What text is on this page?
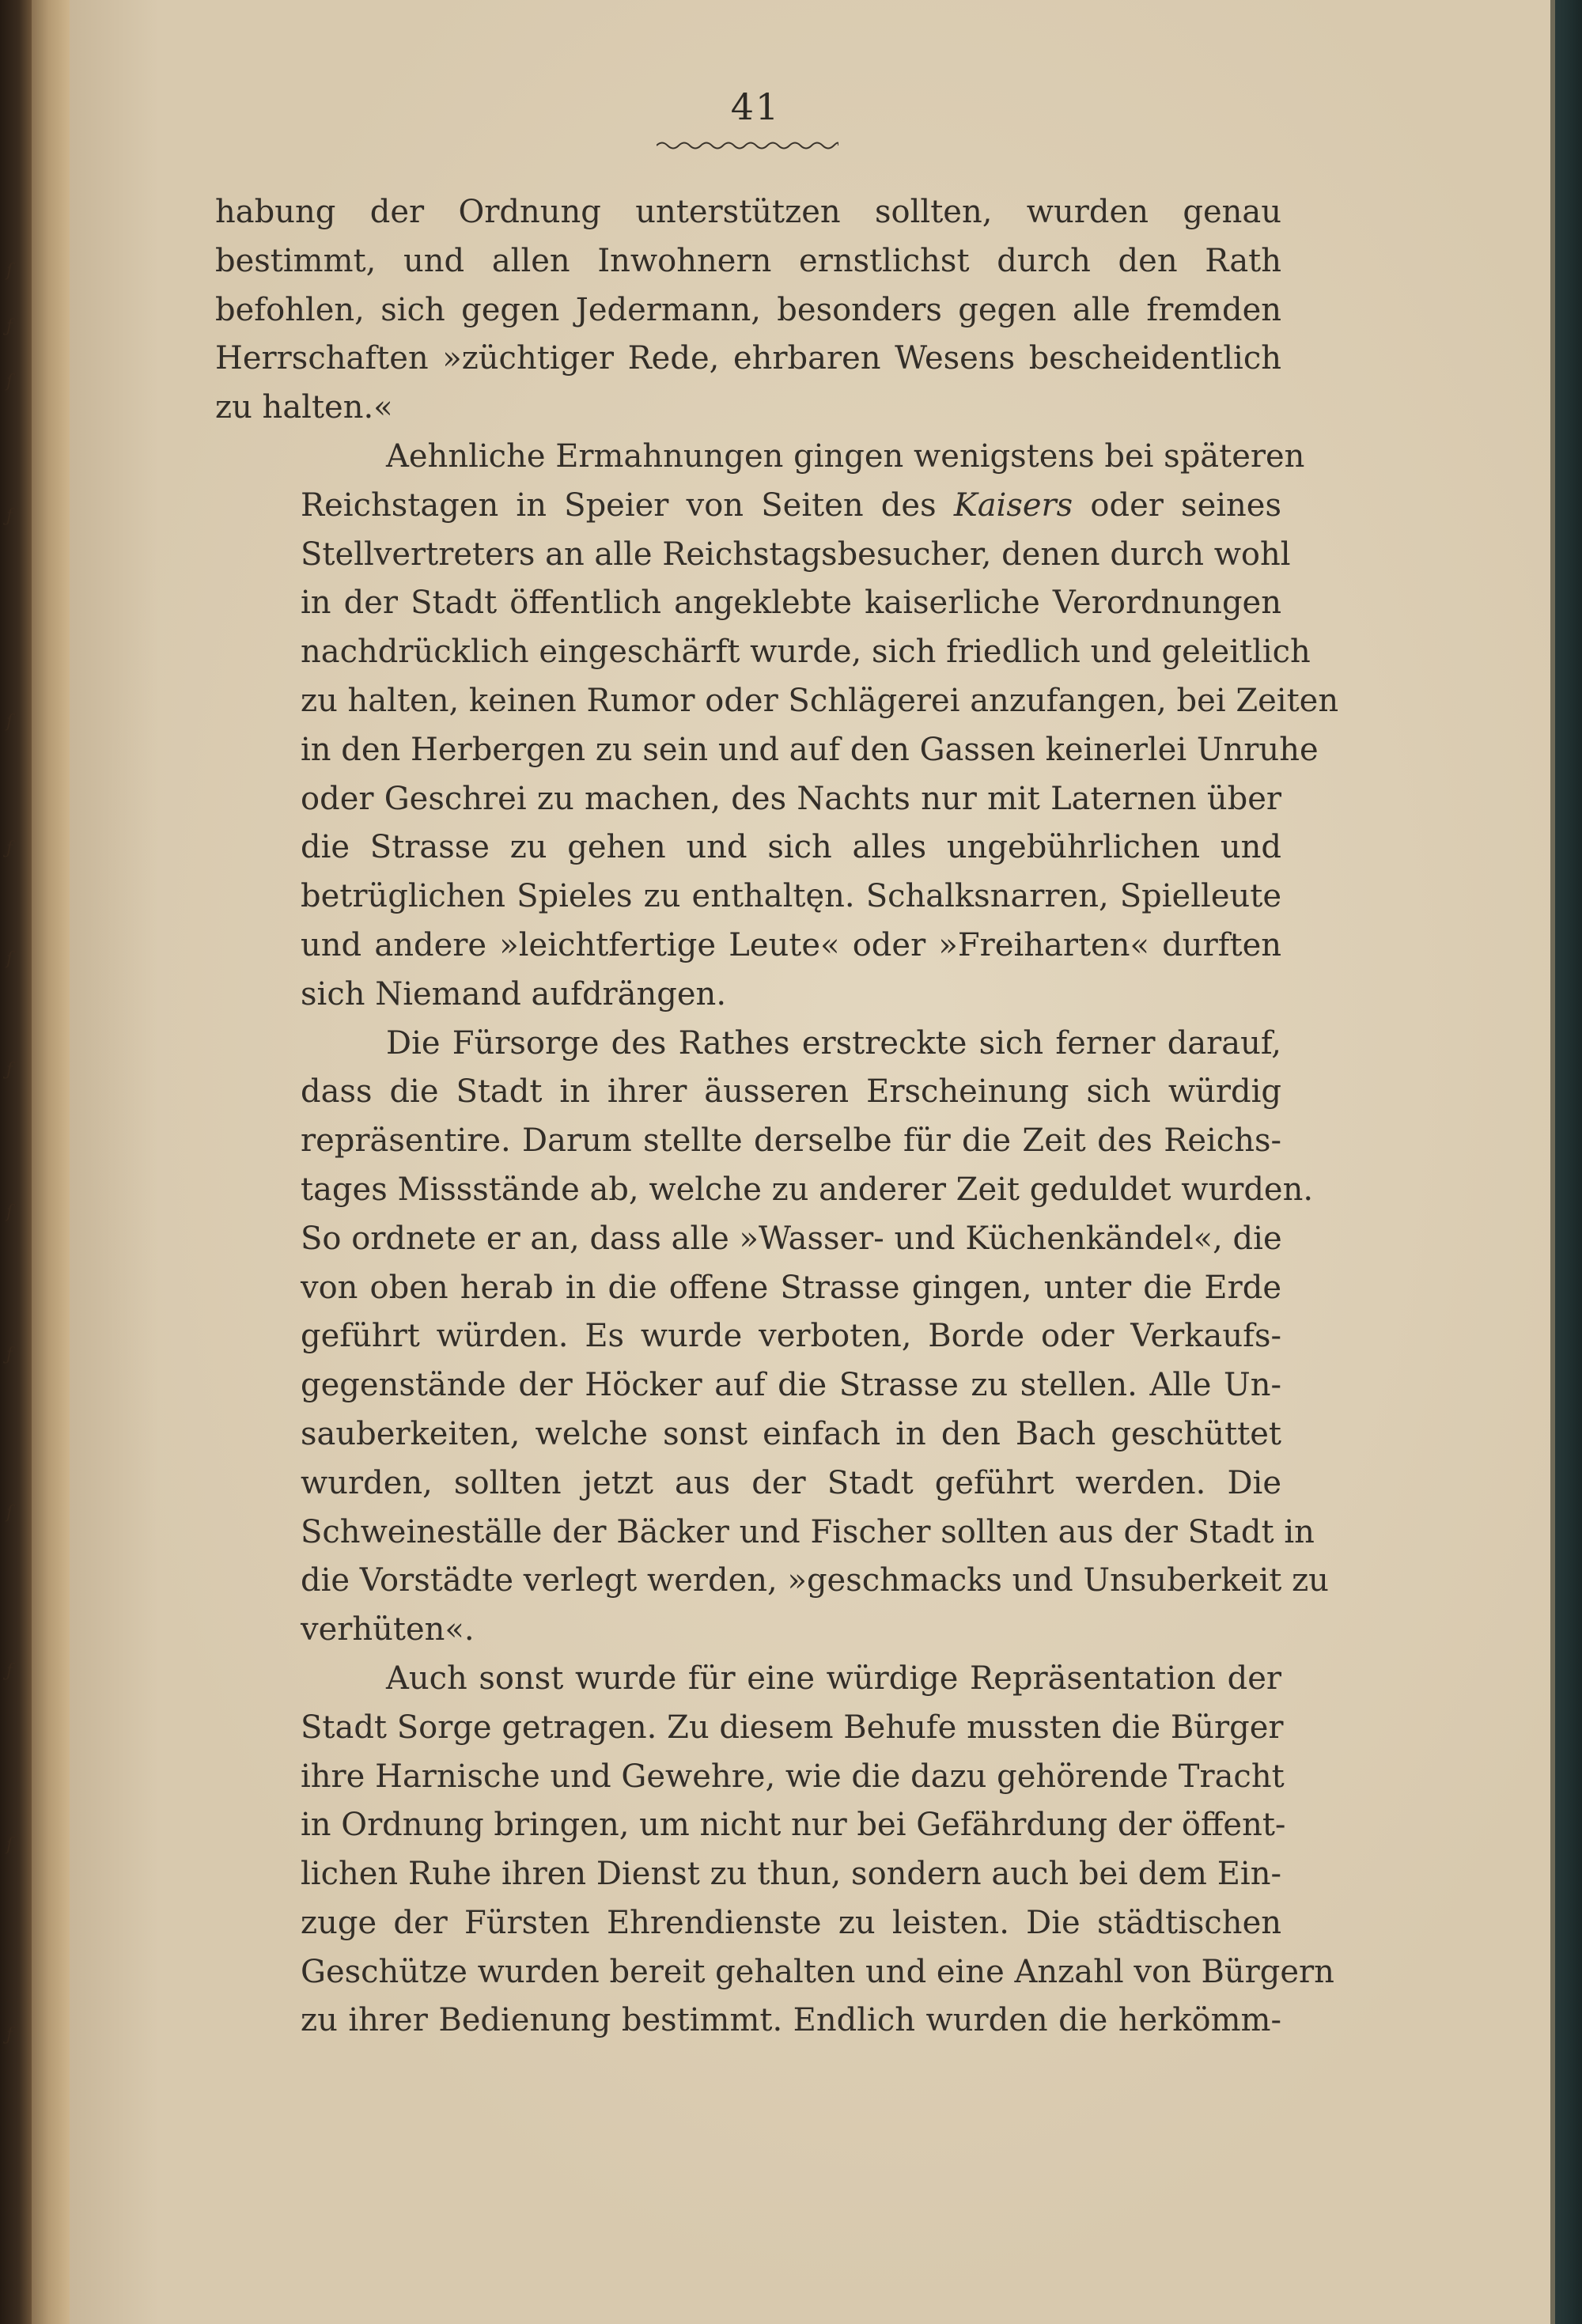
ſ
ƒ
ſ
ƒ
ſ
ƒ
ſ
ƒ
ſ
ƒ
ſ
ƒ
ſ
ƒ
41
habung der Ordnung unterstützen sollten, wurden genau
bestimmt, und allen Inwohnern ernstlichst durch den Rath
befohlen, sich gegen Jedermann, besonders gegen alle fremden
Herrschaften »züchtiger Rede, ehrbaren Wesens bescheidentlich
zu halten.«
Aehnliche Ermahnungen gingen wenigstens bei späteren
Reichstagen in Speier von Seiten des Kaisers oder seines
Stellvertreters an alle Reichstagsbesucher, denen durch wohl
in der Stadt öffentlich angeklebte kaiserliche Verordnungen
nachdrücklich eingeschärft wurde, sich friedlich und geleitlich
zu halten, keinen Rumor oder Schlägerei anzufangen, bei Zeiten
in den Herbergen zu sein und auf den Gassen keinerlei Unruhe
oder Geschrei zu machen, des Nachts nur mit Laternen über
die Strasse zu gehen und sich alles ungebührlichen und
betrüglichen Spieles zu enthaltęn. Schalksnarren, Spielleute
und andere »leichtfertige Leute« oder »Freiharten« durften
sich Niemand aufdrängen.
Die Fürsorge des Rathes erstreckte sich ferner darauf,
dass die Stadt in ihrer äusseren Erscheinung sich würdig
repräsentire. Darum stellte derselbe für die Zeit des Reichs-
tages Missstände ab, welche zu anderer Zeit geduldet wurden.
So ordnete er an, dass alle »Wasser- und Küchenkändel«, die
von oben herab in die offene Strasse gingen, unter die Erde
geführt würden. Es wurde verboten, Borde oder Verkaufs-
gegenstände der Höcker auf die Strasse zu stellen. Alle Un-
sauberkeiten, welche sonst einfach in den Bach geschüttet
wurden, sollten jetzt aus der Stadt geführt werden. Die
Schweineställe der Bäcker und Fischer sollten aus der Stadt in
die Vorstädte verlegt werden, »geschmacks und Unsuberkeit zu
verhüten«.
Auch sonst wurde für eine würdige Repräsentation der
Stadt Sorge getragen. Zu diesem Behufe mussten die Bürger
ihre Harnische und Gewehre, wie die dazu gehörende Tracht
in Ordnung bringen, um nicht nur bei Gefährdung der öffent-
lichen Ruhe ihren Dienst zu thun, sondern auch bei dem Ein-
zuge der Fürsten Ehrendienste zu leisten. Die städtischen
Geschütze wurden bereit gehalten und eine Anzahl von Bürgern
zu ihrer Bedienung bestimmt. Endlich wurden die herkömm-
